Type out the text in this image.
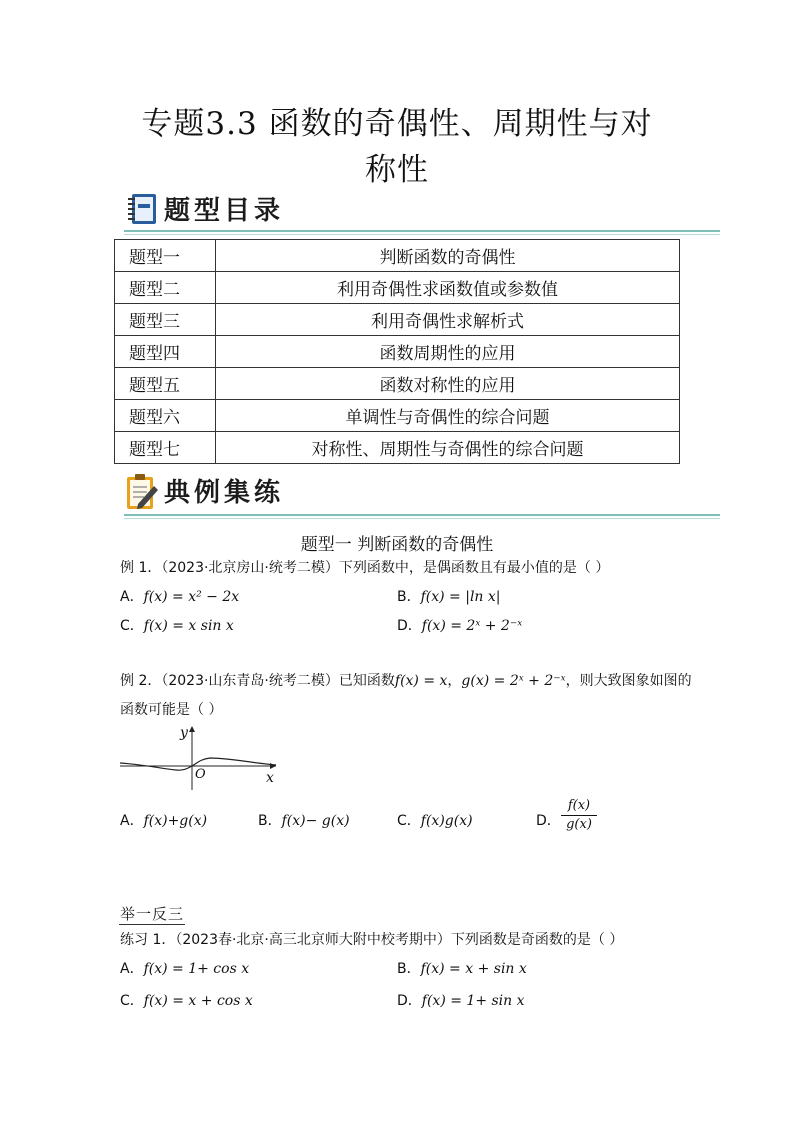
专题3.3 函数的奇偶性、周期性与对
称性
题型目录
题型一	判断函数的奇偶性
题型二	利用奇偶性求函数值或参数值
题型三	利用奇偶性求解析式
题型四	函数周期性的应用
题型五	函数对称性的应用
题型六	单调性与奇偶性的综合问题
题型七	对称性、周期性与奇偶性的综合问题
典例集练
题型一 判断函数的奇偶性
例 1．（2023·北京房山·统考二模）下列函数中，是偶函数且有最小值的是（ ）
A．f(x) = x² − 2x	B．f(x) = |ln x|
C．f(x) = x sin x	D．f(x) = 2ˣ + 2⁻ˣ
例 2．（2023·山东青岛·统考二模）已知函数f(x) = x，g(x) = 2ˣ + 2⁻ˣ，则大致图象如图的
函数可能是（ ）
y
x
O
A．f(x)+g(x)	B．f(x)− g(x)	C．f(x)g(x)	D．
f(x)
g(x)
举一反三
练习 1．（2023春·北京·高三北京师大附中校考期中）下列函数是奇函数的是（ ）
A．f(x) = 1+ cos x	B．f(x) = x + sin x
C．f(x) = x + cos x	D．f(x) = 1+ sin x
